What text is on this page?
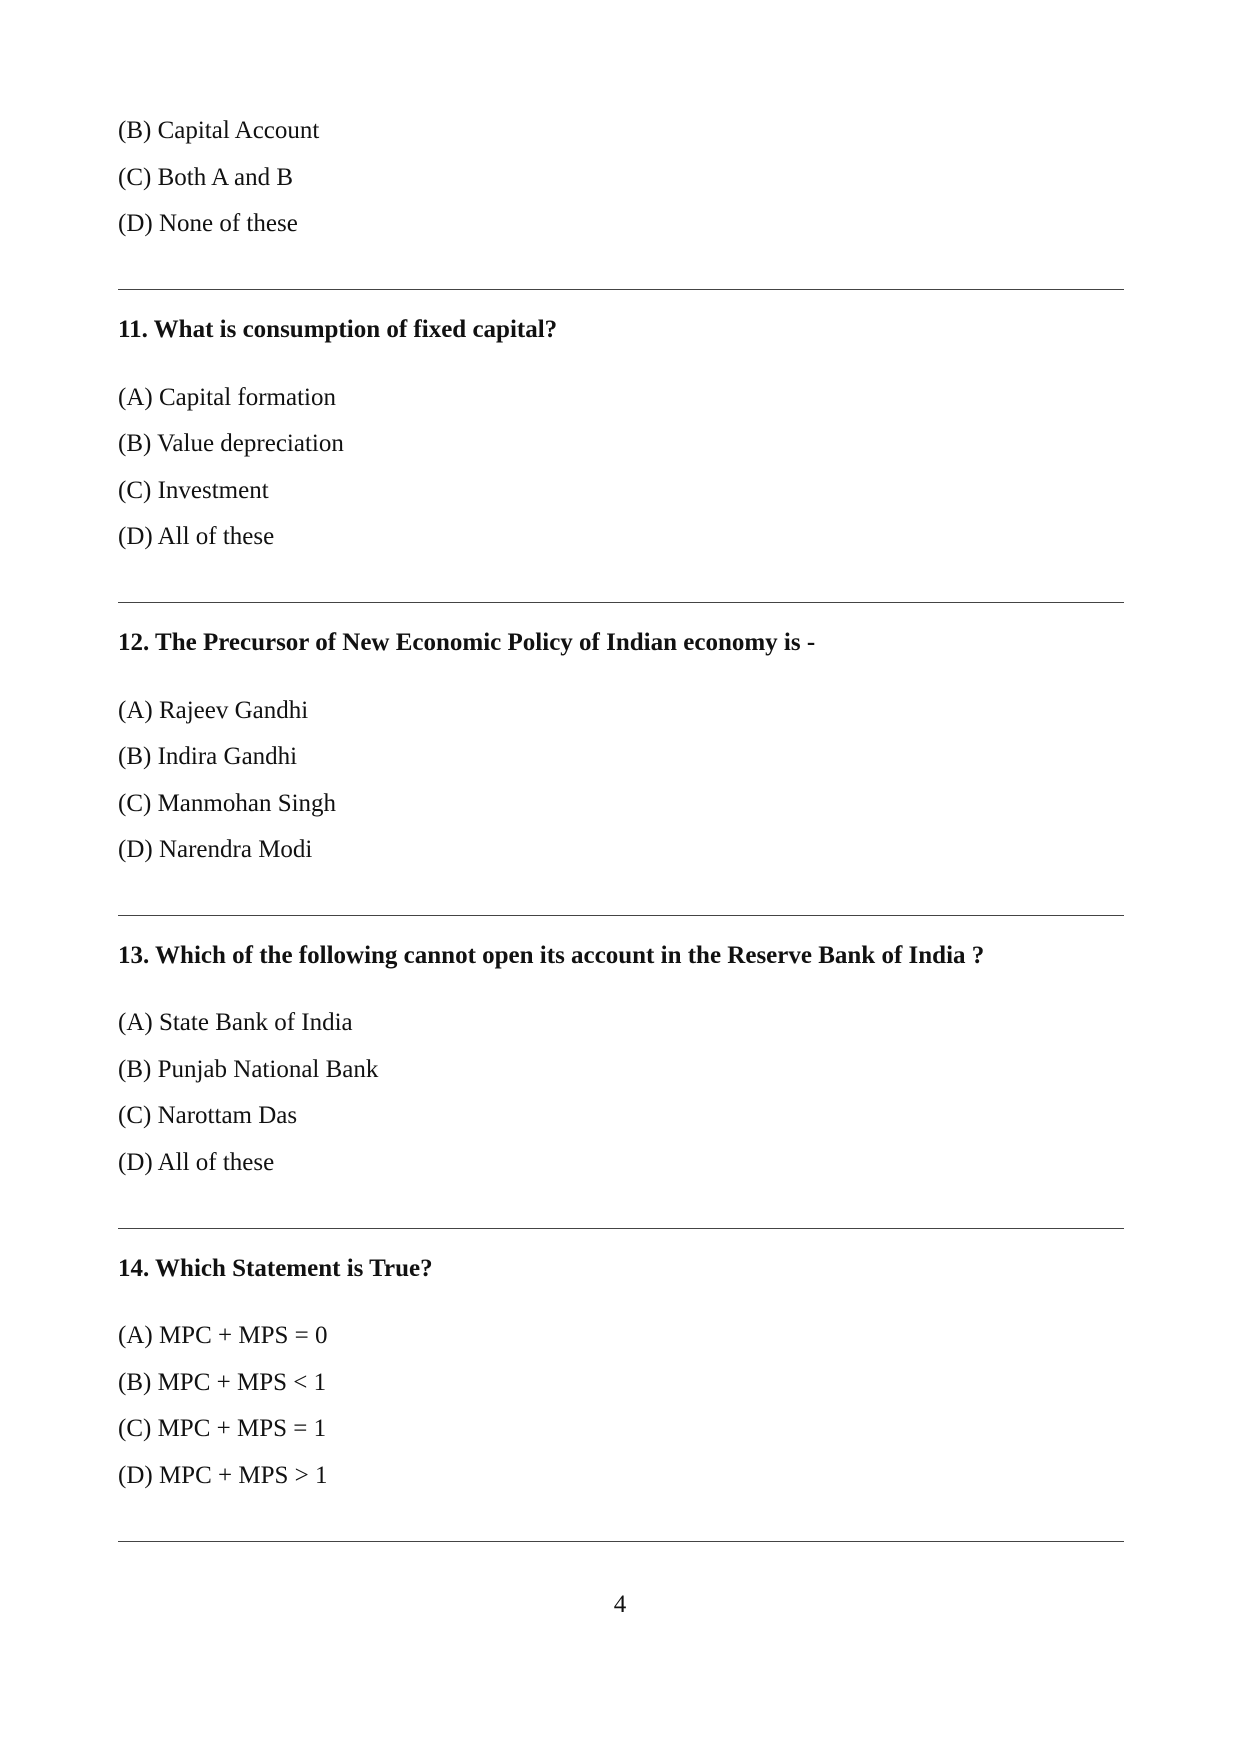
(B) Capital Account

(C) Both A and B

(D) None of these

11. What is consumption of fixed capital?

(A) Capital formation

(B) Value depreciation

(C) Investment

(D) All of these

12. The Precursor of New Economic Policy of Indian economy is -

(A) Rajeev Gandhi

(B) Indira Gandhi

(C) Manmohan Singh

(D) Narendra Modi

13. Which of the following cannot open its account in the Reserve Bank of India ?

(A) State Bank of India

(B) Punjab National Bank

(C) Narottam Das

(D) All of these

14. Which Statement is True?

(A) MPC + MPS = 0

(B) MPC + MPS < 1

(C) MPC + MPS = 1

(D) MPC + MPS > 1

4
